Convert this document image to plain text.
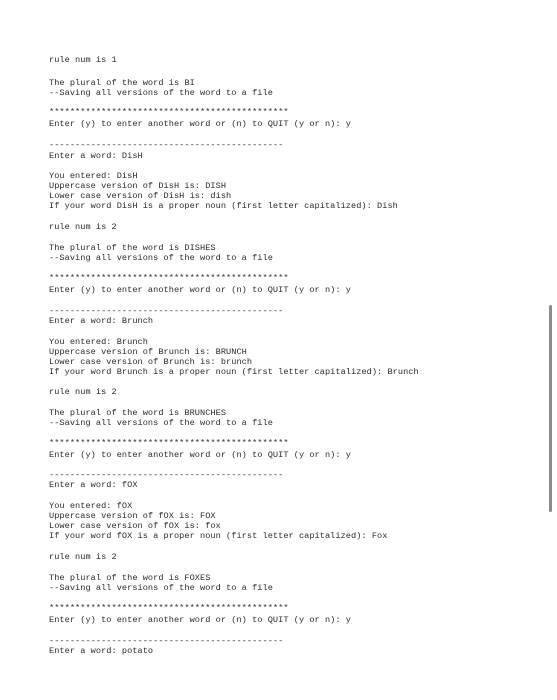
rule num is 1
The plural of the word is BI
--Saving all versions of the word to a file
**********************************************
Enter (y) to enter another word or (n) to QUIT (y or n): y
---------------------------------------------
Enter a word: DisH
You entered: DisH
Uppercase version of DisH is: DISH
Lower case version of DisH is: dish
If your word DisH is a proper noun (first letter capitalized): Dish
rule num is 2
The plural of the word is DISHES
--Saving all versions of the word to a file
**********************************************
Enter (y) to enter another word or (n) to QUIT (y or n): y
---------------------------------------------
Enter a word: Brunch
You entered: Brunch
Uppercase version of Brunch is: BRUNCH
Lower case version of Brunch is: brunch
If your word Brunch is a proper noun (first letter capitalized): Brunch
rule num is 2
The plural of the word is BRUNCHES
--Saving all versions of the word to a file
**********************************************
Enter (y) to enter another word or (n) to QUIT (y or n): y
---------------------------------------------
Enter a word: fOX
You entered: fOX
Uppercase version of fOX is: FOX
Lower case version of fOX is: fox
If your word fOX is a proper noun (first letter capitalized): Fox
rule num is 2
The plural of the word is FOXES
--Saving all versions of the word to a file
**********************************************
Enter (y) to enter another word or (n) to QUIT (y or n): y
---------------------------------------------
Enter a word: potato
